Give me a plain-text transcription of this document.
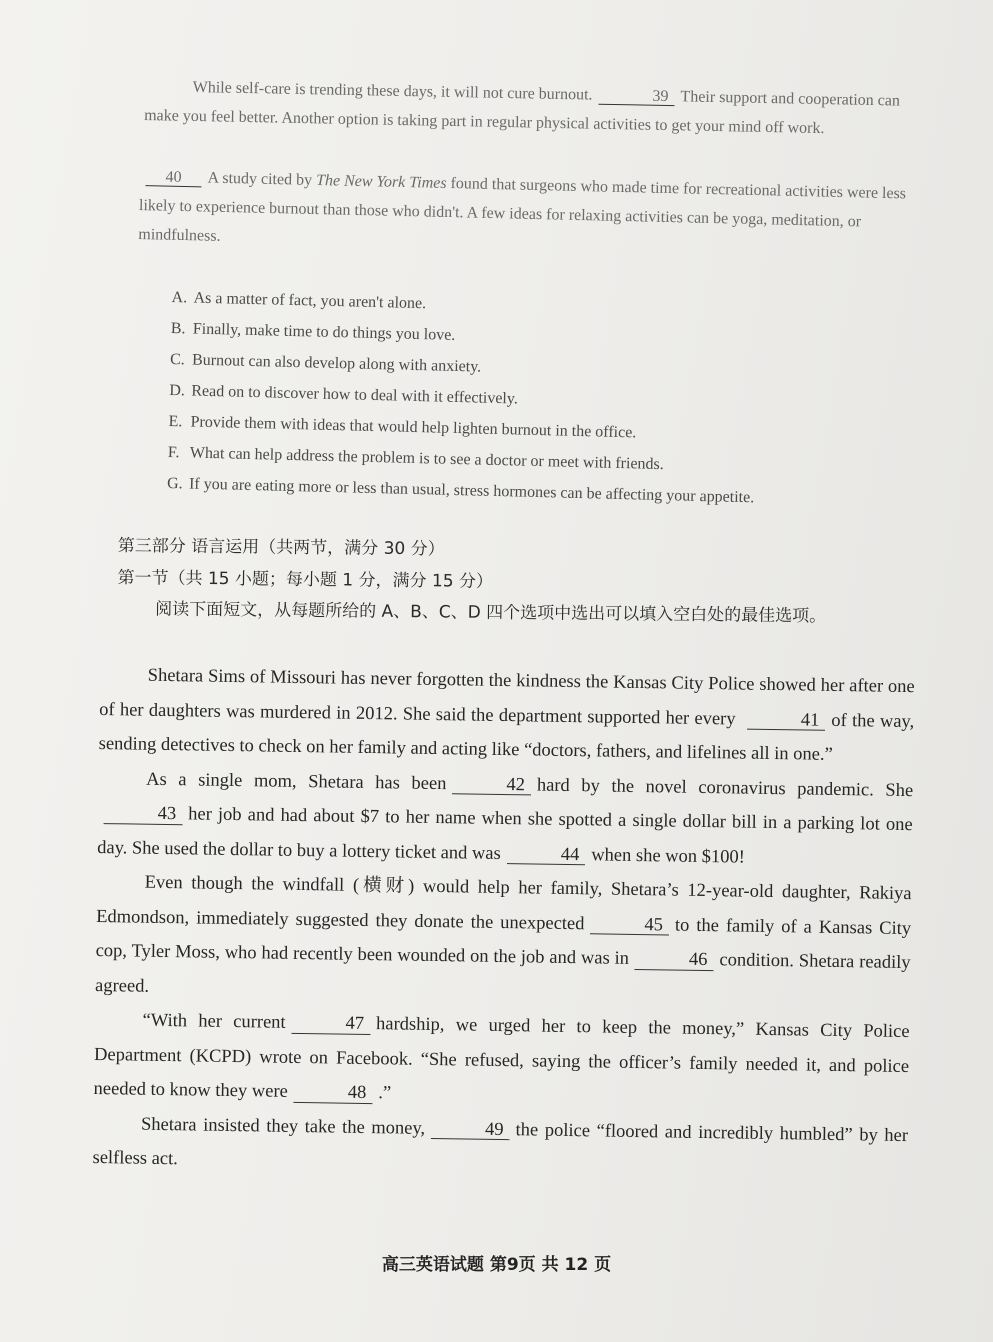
While self-care is trending these days, it will not cure burnout.	39 Their support and cooperation can make you feel better. Another option is taking part in regular physical activities to get your mind off work.

40 A study cited by The New York Times found that surgeons who made time for recreational activities were less likely to experience burnout than those who didn't. A few ideas for relaxing activities can be yoga, meditation, or mindfulness.

A. As a matter of fact, you aren't alone.
B. Finally, make time to do things you love.
C. Burnout can also develop along with anxiety.
D. Read on to discover how to deal with it effectively.
E. Provide them with ideas that would help lighten burnout in the office.
F. What can help address the problem is to see a doctor or meet with friends.
G. If you are eating more or less than usual, stress hormones can be affecting your appetite.
第三部分 语言运用（共两节，满分 30 分）
第一节（共 15 小题；每小题 1 分，满分 15 分）
阅读下面短文，从每题所给的 A、B、C、D 四个选项中选出可以填入空白处的最佳选项。

Shetara Sims of Missouri has never forgotten the kindness the Kansas City Police showed her after one of her daughters was murdered in 2012. She said the department supported her every	41 of the way, sending detectives to check on her family and acting like “doctors, fathers, and lifelines all in one.”

As a single mom, Shetara has been	42 hard by the novel coronavirus pandemic. She43 her job and had about $7 to her name when she spotted a single dollar bill in a parking lot one day. She used the dollar to buy a lottery ticket and was	44 when she won $100!

Even though the windfall (横财) would help her family, Shetara’s 12-year-old daughter, Rakiya Edmondson, immediately suggested they donate the unexpected	45 to the family of a Kansas City cop, Tyler Moss, who had recently been wounded on the job and was in	46 condition. Shetara readily agreed.

“With her current	47 hardship, we urged her to keep the money,” Kansas City Police Department (KCPD) wrote on Facebook. “She refused, saying the officer’s family needed it, and police needed to know they were	48 .”

Shetara insisted they take the money,	49 the police “floored and incredibly humbled” by her selfless act.

高三英语试题 第9页 共 12 页
